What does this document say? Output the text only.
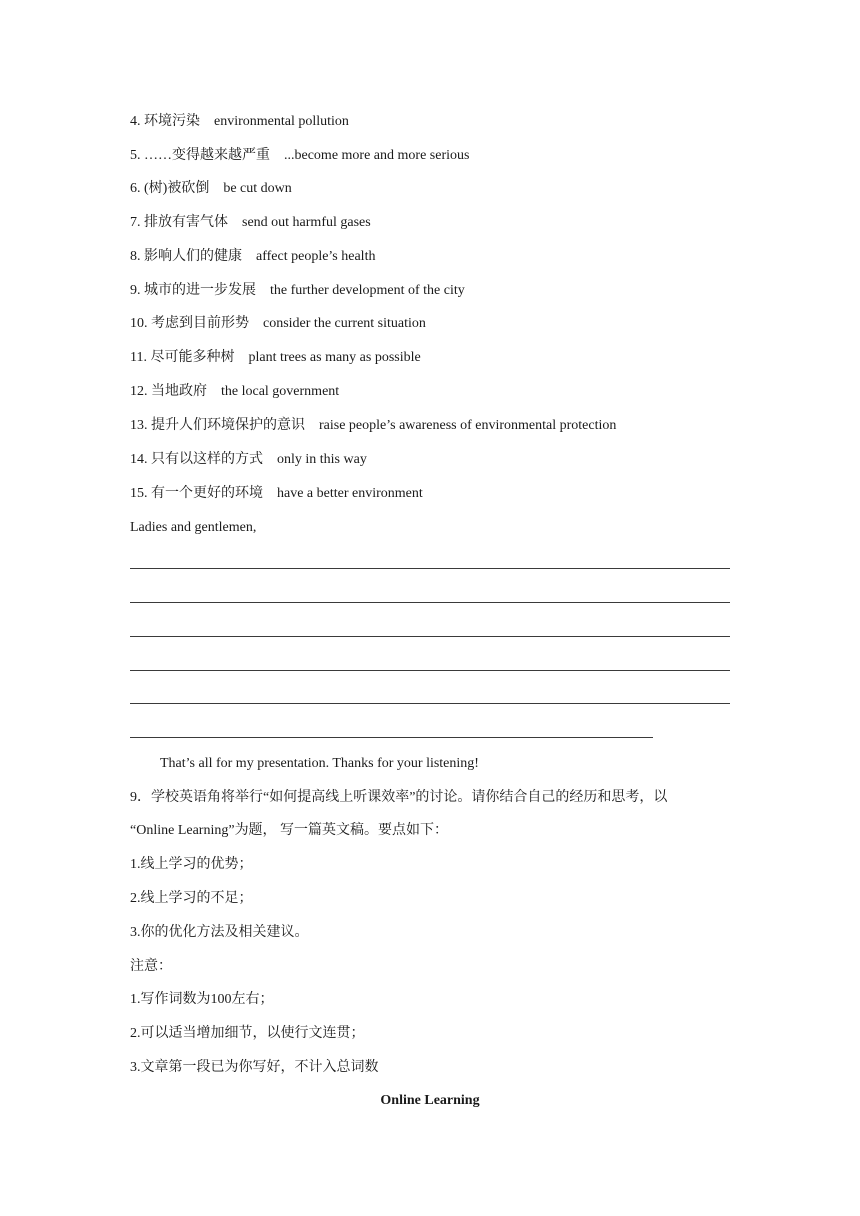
4. 环境污染 environmental pollution
5. ……变得越来越严重 ...become more and more serious
6. (树)被砍倒 be cut down
7. 排放有害气体 send out harmful gases
8. 影响人们的健康 affect people’s health
9. 城市的进一步发展 the further development of the city
10. 考虑到目前形势 consider the current situation
11. 尽可能多种树 plant trees as many as possible
12. 当地政府 the local government
13. 提升人们环境保护的意识 raise people’s awareness of environmental protection
14. 只有以这样的方式 only in this way
15. 有一个更好的环境 have a better environment
Ladies and gentlemen,
That’s all for my presentation. Thanks for your listening!
9．学校英语角将举行“如何提高线上听课效率”的讨论。请你结合自己的经历和思考，以
“Online Learning”为题， 写一篇英文稿。要点如下：
1.线上学习的优势；
2.线上学习的不足；
3.你的优化方法及相关建议。
注意：
1.写作词数为100左右；
2.可以适当增加细节，以使行文连贯；
3.文章第一段已为你写好，不计入总词数
Online Learning
